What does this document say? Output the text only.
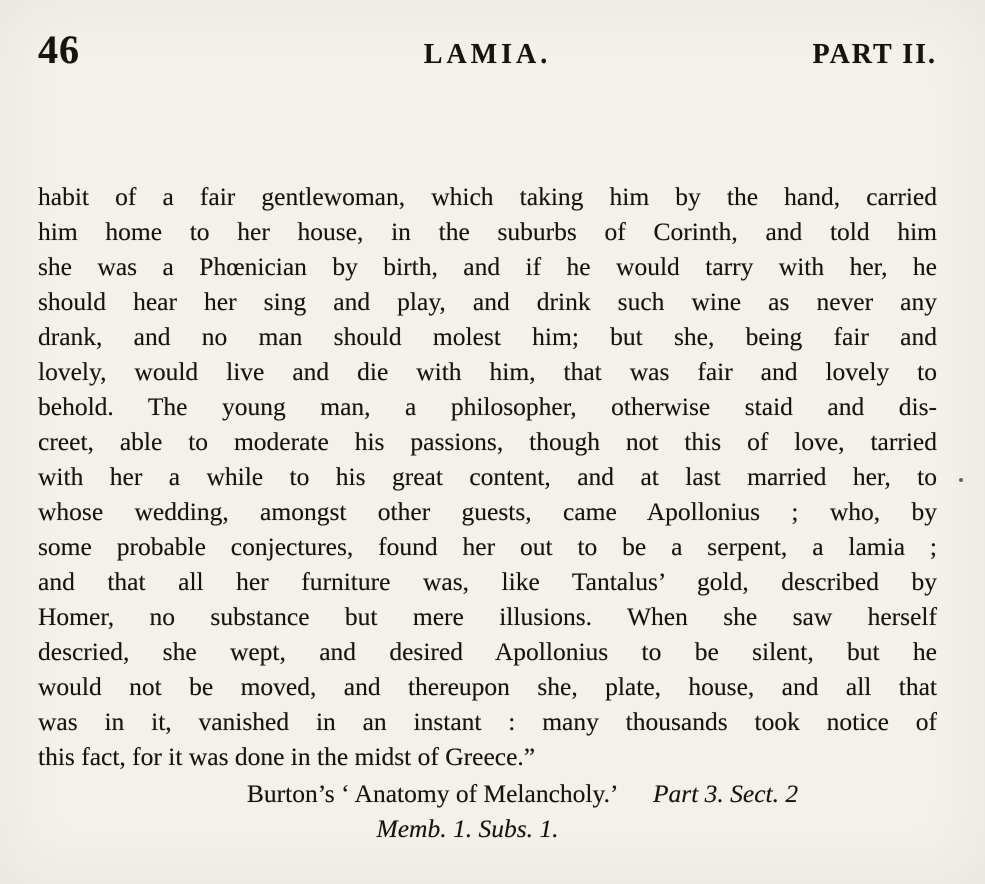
46	LAMIA.	PART II.
habit of a fair gentlewoman, which taking him by the hand, carried
him home to her house, in the suburbs of Corinth, and told him
she was a Phœnician by birth, and if he would tarry with her, he
should hear her sing and play, and drink such wine as never any
drank, and no man should molest him; but she, being fair and
lovely, would live and die with him, that was fair and lovely to
behold. The young man, a philosopher, otherwise staid and dis-
creet, able to moderate his passions, though not this of love, tarried
with her a while to his great content, and at last married her, to
whose wedding, amongst other guests, came Apollonius ; who, by
some probable conjectures, found her out to be a serpent, a lamia ;
and that all her furniture was, like Tantalus’ gold, described by
Homer, no substance but mere illusions. When she saw herself
descried, she wept, and desired Apollonius to be silent, but he
would not be moved, and thereupon she, plate, house, and all that
was in it, vanished in an instant : many thousands took notice of
this fact, for it was done in the midst of Greece.”
Burton’s ‘ Anatomy of Melancholy.’ Part 3. Sect. 2
Memb. 1. Subs. 1.
